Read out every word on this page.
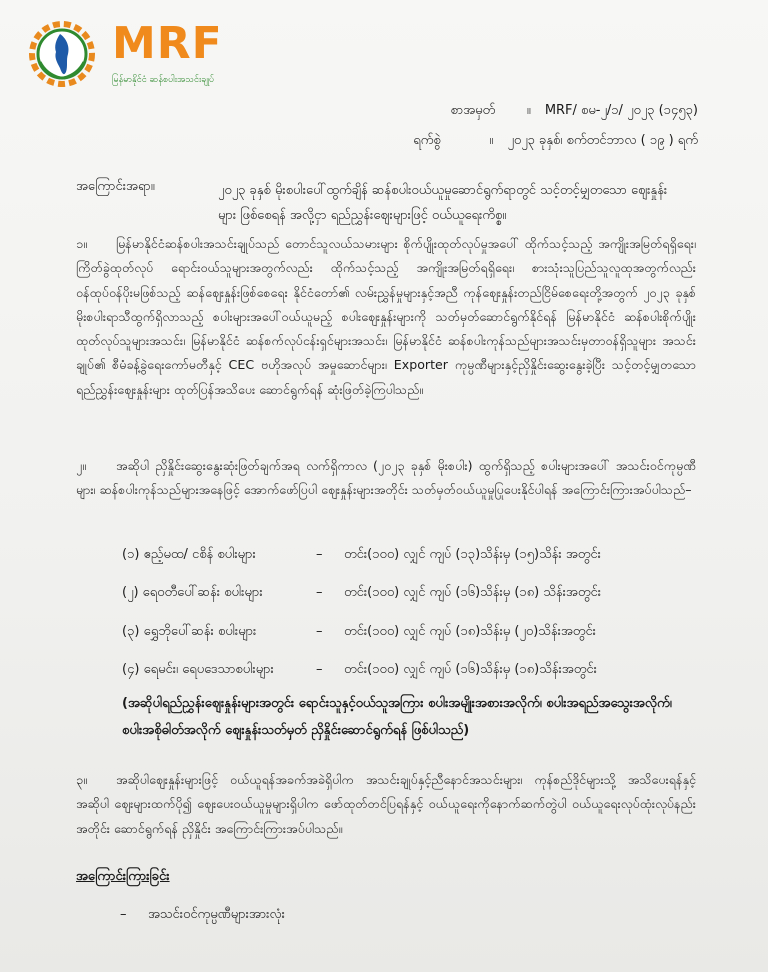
MRF
မြန်မာနိုင်ငံ ဆန်စပါးအသင်းချုပ်
စာအမှတ် ။ MRF/ စမ-၂/၁/ ၂၀၂၃ (၁၄၅၃)
ရက်စွဲ	။ ၂၀၂၃ ခုနှစ်၊ စက်တင်ဘာလ ( ၁၉ ) ရက်
အကြောင်းအရာ။	၂၀၂၃ ခုနှစ် မိုးစပါးပေါ်ထွက်ချိန် ဆန်စပါးဝယ်ယူမှုဆောင်ရွက်ရာတွင် သင့်တင့်မျှတသော ဈေးနှုန်းများ ဖြစ်စေရန် အလို့ငှာ ရည်ညွှန်းဈေးများဖြင့် ဝယ်ယူရေးကိစ္စ။
၁။ မြန်မာနိုင်ငံဆန်စပါးအသင်းချုပ်သည် တောင်သူလယ်သမားများ စိုက်ပျိုးထုတ်လုပ်မှုအပေါ် ထိုက်သင့်သည့် အကျိုးအမြတ်ရရှိရေး၊ ကြိတ်ခွဲထုတ်လုပ် ရောင်းဝယ်သူများအတွက်လည်း ထိုက်သင့်သည့် အကျိုးအမြတ်ရရှိရေး၊ စားသုံးသူပြည်သူလူထုအတွက်လည်း ဝန်ထုပ်ဝန်ပိုးမဖြစ်သည့် ဆန်ဈေးနှုန်းဖြစ်စေရေး နိုင်ငံတော်၏ လမ်းညွှန်မှုများနှင့်အညီ ကုန်ဈေးနှုန်းတည်ငြိမ်စေရေးတို့အတွက် ၂၀၂၃ ခုနှစ် မိုးစပါးရာသီထွက်ရှိလာသည့် စပါးများအပေါ်ဝယ်ယူမည့် စပါးဈေးနှုန်းများကို သတ်မှတ်ဆောင်ရွက်နိုင်ရန် မြန်မာနိုင်ငံ ဆန်စပါးစိုက်ပျိုးထုတ်လုပ်သူများအသင်း၊ မြန်မာနိုင်ငံ ဆန်စက်လုပ်ငန်းရှင်များအသင်း၊ မြန်မာနိုင်ငံ ဆန်စပါးကုန်သည်များအသင်းမှတာဝန်ရှိသူများ အသင်းချုပ်၏ စီမံခန့်ခွဲရေးကော်မတီနှင့် CEC ဗဟိုအလုပ် အမှုဆောင်များ၊ Exporter ကုမ္ပဏီများနှင့်ညှိနှိုင်းဆွေးနွေးခဲ့ပြီး သင့်တင့်မျှတသော ရည်ညွှန်းဈေးနှုန်းများ ထုတ်ပြန်အသိပေး ဆောင်ရွက်ရန် ဆုံးဖြတ်ခဲ့ကြပါသည်။
၂။ အဆိုပါ ညှိနှိုင်းဆွေးနွေးဆုံးဖြတ်ချက်အရ လက်ရှိကာလ (၂၀၂၃ ခုနှစ် မိုးစပါး) ထွက်ရှိသည့် စပါးများအပေါ် အသင်းဝင်ကုမ္ပဏီများ၊ ဆန်စပါးကုန်သည်များအနေဖြင့် အောက်ဖော်ပြပါ ဈေးနှုန်းများအတိုင်း သတ်မှတ်ဝယ်ယူမှုပြုပေးနိုင်ပါရန် အကြောင်းကြားအပ်ပါသည်–
(၁) ဧည့်မထ/ ငစိန် စပါးများ	– တင်း(၁၀၀) လျှင် ကျပ် (၁၃)သိန်းမှ (၁၅)သိန်း အတွင်း
(၂) ရေဝတီပေါ်ဆန်း စပါးများ	– တင်း(၁၀၀) လျှင် ကျပ် (၁၆)သိန်းမှ (၁၈) သိန်းအတွင်း
(၃) ရွှေဘိုပေါ်ဆန်း စပါးများ	– တင်း(၁၀၀) လျှင် ကျပ် (၁၈)သိန်းမှ (၂၀)သိန်းအတွင်း
(၄) ရေမင်း၊ ရေပဒေသာစပါးများ	– တင်း(၁၀၀) လျှင် ကျပ် (၁၆)သိန်းမှ (၁၈)သိန်းအတွင်း
(အဆိုပါရည်ညွှန်းဈေးနှုန်းများအတွင်း ရောင်းသူနှင့်ဝယ်သူအကြား စပါးအမျိုးအစားအလိုက်၊ စပါးအရည်အသွေးအလိုက်၊ စပါးအစိုဓါတ်အလိုက် ဈေးနှုန်းသတ်မှတ် ညှိနှိုင်းဆောင်ရွက်ရန် ဖြစ်ပါသည်)
၃။ အဆိုပါဈေးနှုန်းများဖြင့် ဝယ်ယူရန်အခက်အခဲရှိပါက အသင်းချုပ်နှင့်ညီနောင်အသင်းများ၊ ကုန်စည်ဒိုင်များသို့ အသိပေးရန်နှင့် အဆိုပါ ဈေးများထက်ပို၍ ဈေးပေးဝယ်ယူမှုများရှိပါက ဖော်ထုတ်တင်ပြရန်နှင့် ဝယ်ယူရေးကိုနောက်ဆက်တွဲပါ ဝယ်ယူရေးလုပ်ထုံးလုပ်နည်းအတိုင်း ဆောင်ရွက်ရန် ညှိနှိုင်း အကြောင်းကြားအပ်ပါသည်။
အကြောင်းကြားခြင်း
– အသင်းဝင်ကုမ္ပဏီများအားလုံး
